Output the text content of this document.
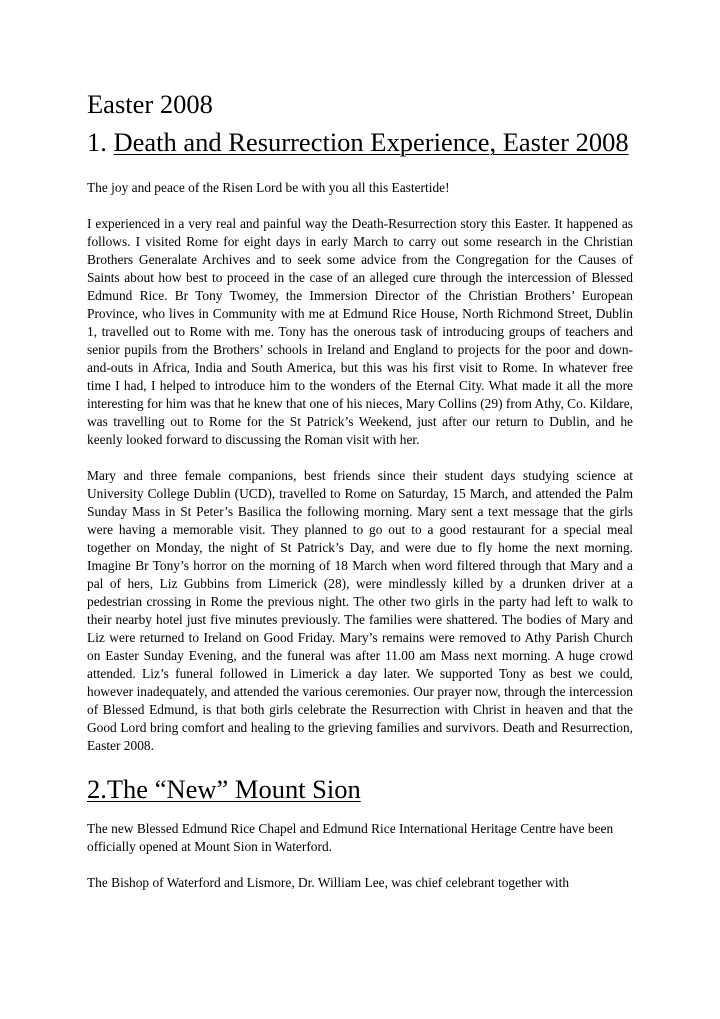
Easter 2008
1. Death and Resurrection Experience, Easter 2008

The joy and peace of the Risen Lord be with you all this Eastertide!

I experienced in a very real and painful way the Death-Resurrection story this Easter. It happened as follows. I visited Rome for eight days in early March to carry out some research in the Christian Brothers Generalate Archives and to seek some advice from the Congregation for the Causes of Saints about how best to proceed in the case of an alleged cure through the intercession of Blessed Edmund Rice. Br Tony Twomey, the Immersion Director of the Christian Brothers’ European Province, who lives in Community with me at Edmund Rice House, North Richmond Street, Dublin 1, travelled out to Rome with me. Tony has the onerous task of introducing groups of teachers and senior pupils from the Brothers’ schools in Ireland and England to projects for the poor and down-and-outs in Africa, India and South America, but this was his first visit to Rome. In whatever free time I had, I helped to introduce him to the wonders of the Eternal City. What made it all the more interesting for him was that he knew that one of his nieces, Mary Collins (29) from Athy, Co. Kildare, was travelling out to Rome for the St Patrick’s Weekend, just after our return to Dublin, and he keenly looked forward to discussing the Roman visit with her.

Mary and three female companions, best friends since their student days studying science at University College Dublin (UCD), travelled to Rome on Saturday, 15 March, and attended the Palm Sunday Mass in St Peter’s Basilica the following morning. Mary sent a text message that the girls were having a memorable visit. They planned to go out to a good restaurant for a special meal together on Monday, the night of St Patrick’s Day, and were due to fly home the next morning. Imagine Br Tony’s horror on the morning of 18 March when word filtered through that Mary and a pal of hers, Liz Gubbins from Limerick (28), were mindlessly killed by a drunken driver at a pedestrian crossing in Rome the previous night. The other two girls in the party had left to walk to their nearby hotel just five minutes previously. The families were shattered. The bodies of Mary and Liz were returned to Ireland on Good Friday. Mary’s remains were removed to Athy Parish Church on Easter Sunday Evening, and the funeral was after 11.00 am Mass next morning. A huge crowd attended. Liz’s funeral followed in Limerick a day later. We supported Tony as best we could, however inadequately, and attended the various ceremonies. Our prayer now, through the intercession of Blessed Edmund, is that both girls celebrate the Resurrection with Christ in heaven and that the Good Lord bring comfort and healing to the grieving families and survivors. Death and Resurrection, Easter 2008.

2.The “New” Mount Sion

The new Blessed Edmund Rice Chapel and Edmund Rice International Heritage Centre have been officially opened at Mount Sion in Waterford.

The Bishop of Waterford and Lismore, Dr. William Lee, was chief celebrant together with
